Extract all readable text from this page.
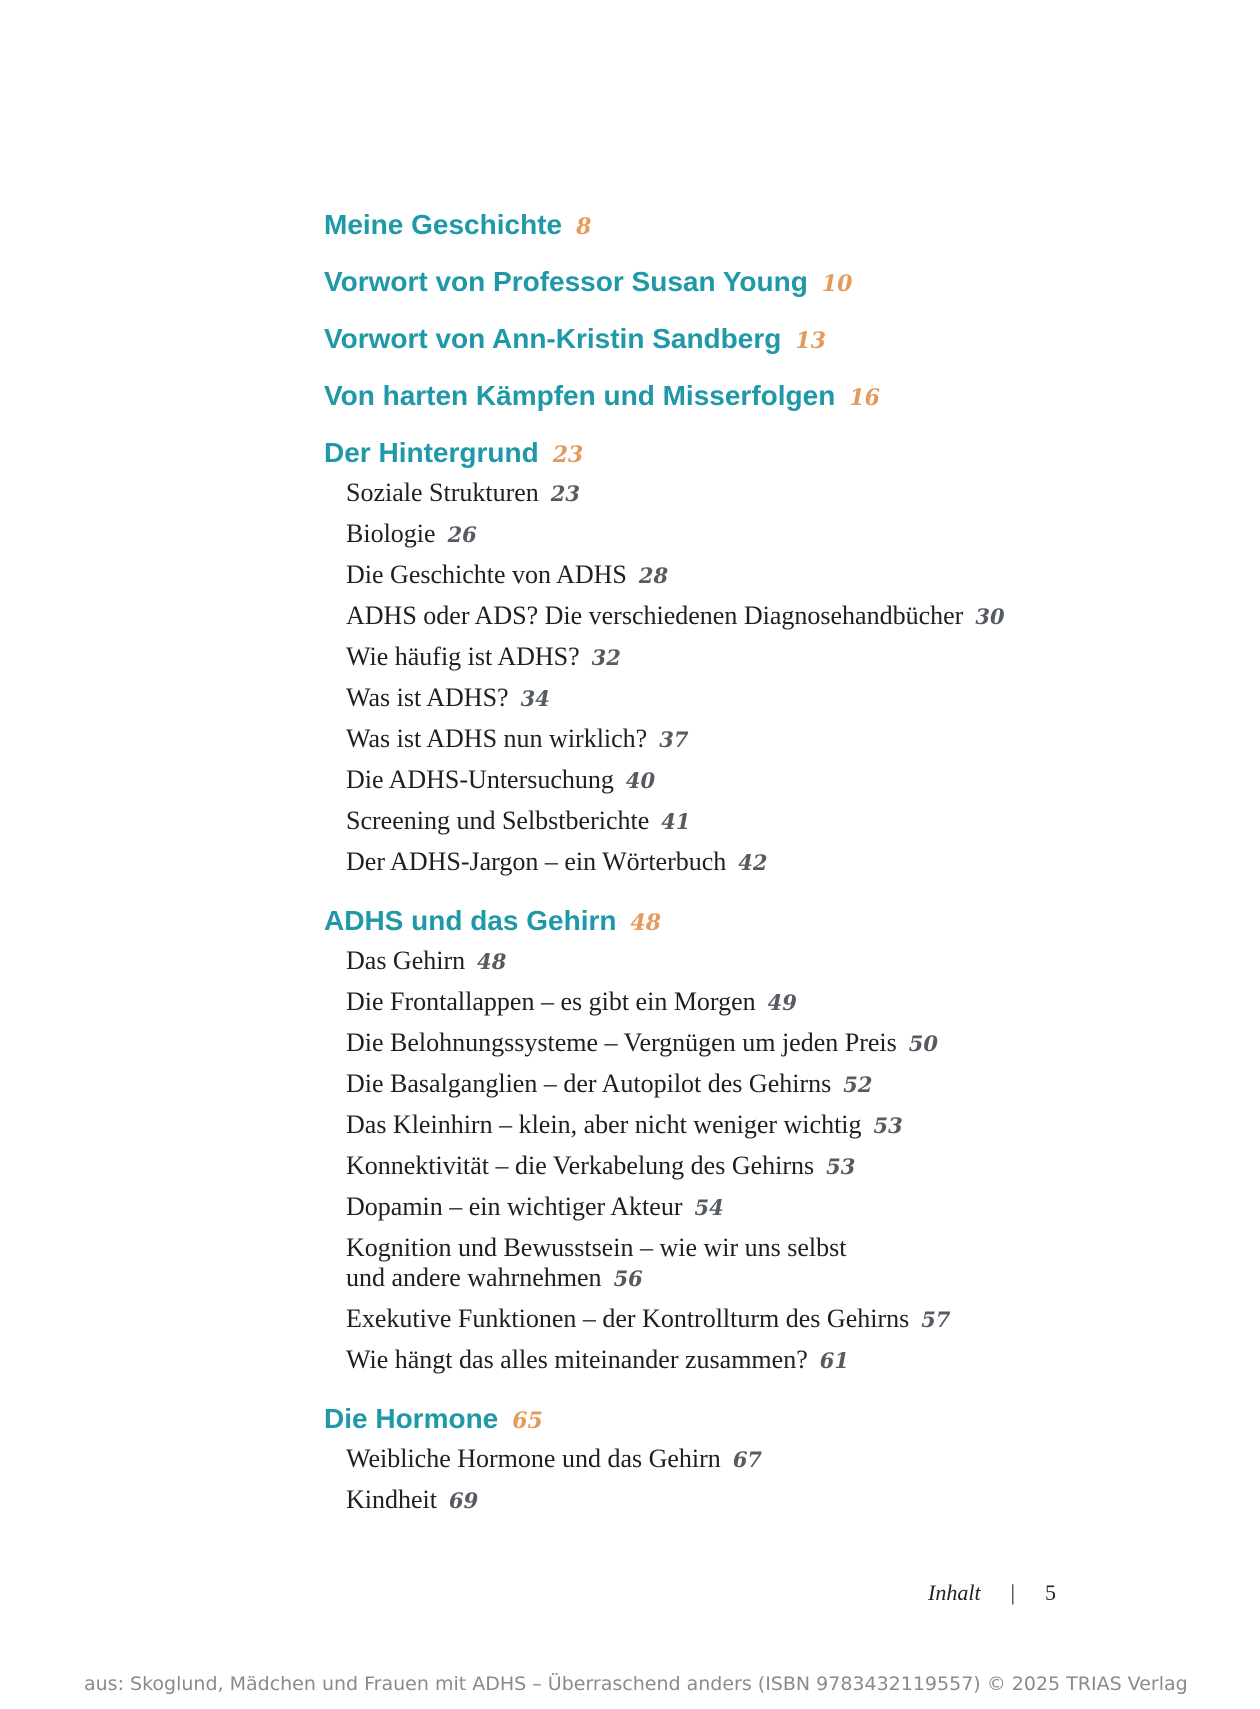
Meine Geschichte 8
Vorwort von Professor Susan Young 10
Vorwort von Ann-Kristin Sandberg 13
Von harten Kämpfen und Misserfolgen 16
Der Hintergrund 23
Soziale Strukturen 23
Biologie 26
Die Geschichte von ADHS 28
ADHS oder ADS? Die verschiedenen Diagnosehandbücher 30
Wie häufig ist ADHS? 32
Was ist ADHS? 34
Was ist ADHS nun wirklich? 37
Die ADHS-Untersuchung 40
Screening und Selbstberichte 41
Der ADHS-Jargon – ein Wörterbuch 42
ADHS und das Gehirn 48
Das Gehirn 48
Die Frontallappen – es gibt ein Morgen 49
Die Belohnungssysteme – Vergnügen um jeden Preis 50
Die Basalganglien – der Autopilot des Gehirns 52
Das Kleinhirn – klein, aber nicht weniger wichtig 53
Konnektivität – die Verkabelung des Gehirns 53
Dopamin – ein wichtiger Akteur 54
Kognition und Bewusstsein – wie wir uns selbst
und andere wahrnehmen 56
Exekutive Funktionen – der Kontrollturm des Gehirns 57
Wie hängt das alles miteinander zusammen? 61
Die Hormone 65
Weibliche Hormone und das Gehirn 67
Kindheit 69
Inhalt | 5
aus: Skoglund, Mädchen und Frauen mit ADHS – Überraschend anders (ISBN 9783432119557) © 2025 TRIAS Verlag
